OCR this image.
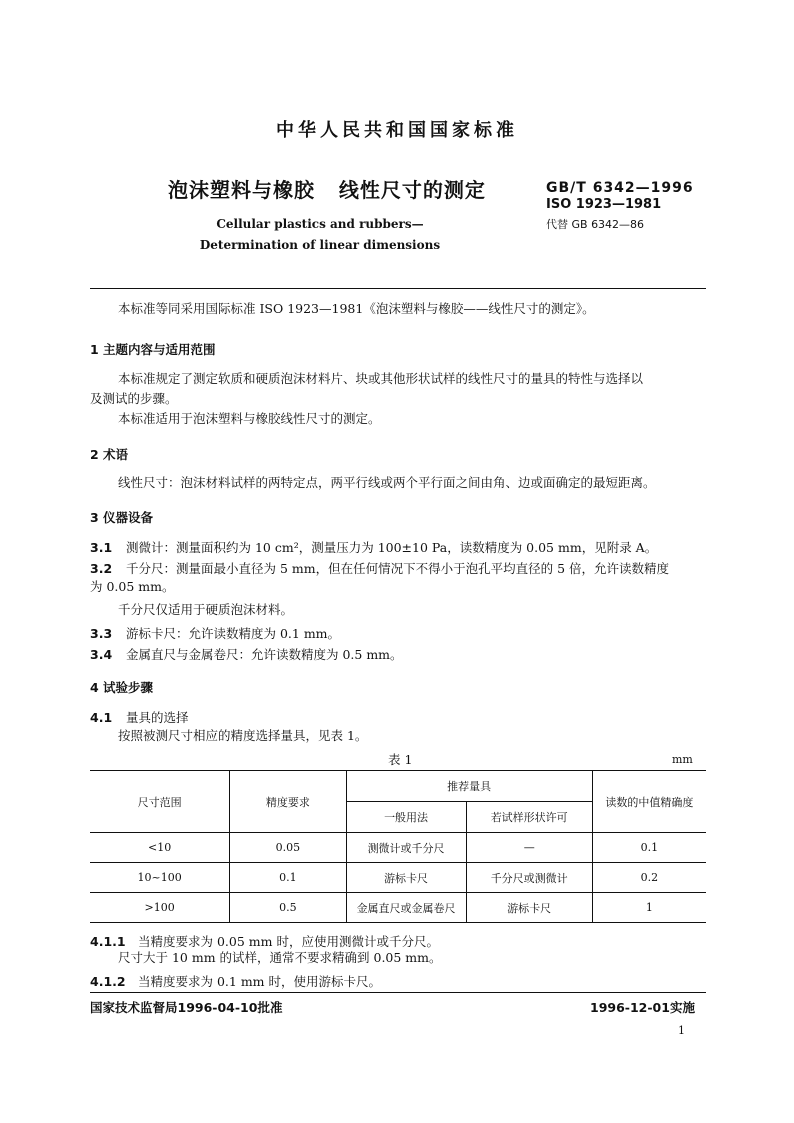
中华人民共和国国家标准
泡沫塑料与橡胶   线性尺寸的测定	GB/T 6342—1996
ISO 1923—1981
代替 GB 6342—86
Cellular plastics and rubbers—
Determination of linear dimensions
本标准等同采用国际标准 ISO 1923—1981《泡沫塑料与橡胶——线性尺寸的测定》。
1 主题内容与适用范围
本标准规定了测定软质和硬质泡沫材料片、块或其他形状试样的线性尺寸的量具的特性与选择以
及测试的步骤。
本标准适用于泡沫塑料与橡胶线性尺寸的测定。
2 术语
线性尺寸：泡沫材料试样的两特定点，两平行线或两个平行面之间由角、边或面确定的最短距离。
3 仪器设备
3.1 测微计：测量面积约为 10 cm²，测量压力为 100±10 Pa，读数精度为 0.05 mm，见附录 A。
3.2 千分尺：测量面最小直径为 5 mm，但在任何情况下不得小于泡孔平均直径的 5 倍，允许读数精度
为 0.05 mm。
千分尺仅适用于硬质泡沫材料。
3.3 游标卡尺：允许读数精度为 0.1 mm。
3.4 金属直尺与金属卷尺：允许读数精度为 0.5 mm。
4 试验步骤
4.1 量具的选择
按照被测尺寸相应的精度选择量具，见表 1。
表 1	mm
尺寸范围	精度要求	推荐量具		读数的中值精确度
		一般用法	若试样形状许可	
<10	0.05	测微计或千分尺	—	0.1
10~100	0.1	游标卡尺	千分尺或测微计	0.2
>100	0.5	金属直尺或金属卷尺	游标卡尺	1
4.1.1 当精度要求为 0.05 mm 时，应使用测微计或千分尺。
尺寸大于 10 mm 的试样，通常不要求精确到 0.05 mm。
4.1.2 当精度要求为 0.1 mm 时，使用游标卡尺。
国家技术监督局1996-04-10批准	1996-12-01实施
1
